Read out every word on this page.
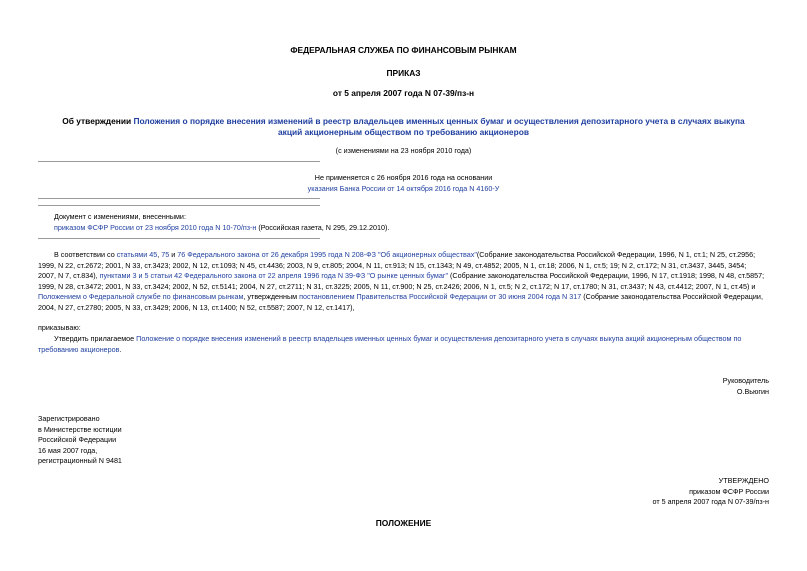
ФЕДЕРАЛЬНАЯ СЛУЖБА ПО ФИНАНСОВЫМ РЫНКАМ
ПРИКАЗ
от 5 апреля 2007 года N 07-39/пз-н
Об утверждении Положения о порядке внесения изменений в реестр владельцев именных ценных бумаг и осуществления депозитарного учета в случаях выкупа
акций акционерным обществом по требованию акционеров
(с изменениями на 23 ноября 2010 года)
Не применяется с 26 ноября 2016 года на основании
указания Банка России от 14 октября 2016 года N 4160-У
Документ с изменениями, внесенными:
приказом ФСФР России от 23 ноября 2010 года N 10-70/пз-н (Российская газета, N 295, 29.12.2010).
В соответствии со статьями 45, 75 и 76 Федерального закона от 26 декабря 1995 года N 208-ФЗ "Об акционерных обществах"(Собрание законодательства Российской Федерации, 1996, N 1, ст.1; N 25, ст.2956;
1999, N 22, ст.2672; 2001, N 33, ст.3423; 2002, N 12, ст.1093; N 45, ст.4436; 2003, N 9, ст.805; 2004, N 11, ст.913; N 15, ст.1343; N 49, ст.4852; 2005, N 1, ст.18; 2006, N 1, ст.5; 19; N 2, ст.172; N 31, ст.3437, 3445, 3454;
2007, N 7, ст.834), пунктами 3 и 5 статьи 42 Федерального закона от 22 апреля 1996 года N 39-ФЗ "О рынке ценных бумаг" (Собрание законодательства Российской Федерации, 1996, N 17, ст.1918; 1998, N 48, ст.5857;
1999, N 28, ст.3472; 2001, N 33, ст.3424; 2002, N 52, ст.5141; 2004, N 27, ст.2711; N 31, ст.3225; 2005, N 11, ст.900; N 25, ст.2426; 2006, N 1, ст.5; N 2, ст.172; N 17, ст.1780; N 31, ст.3437; N 43, ст.4412; 2007, N 1, ст.45) и
Положением о Федеральной службе по финансовым рынкам, утвержденным постановлением Правительства Российской Федерации от 30 июня 2004 года N 317 (Собрание законодательства Российской Федерации,
2004, N 27, ст.2780; 2005, N 33, ст.3429; 2006, N 13, ст.1400; N 52, ст.5587; 2007, N 12, ст.1417),
приказываю:
Утвердить прилагаемое Положение о порядке внесения изменений в реестр владельцев именных ценных бумаг и осуществления депозитарного учета в случаях выкупа акций акционерным обществом по
требованию акционеров.
Руководитель
О.Вьюгин
Зарегистрировано
в Министерстве юстиции
Российской Федерации
16 мая 2007 года,
регистрационный N 9481
УТВЕРЖДЕНО
приказом ФСФР России
от 5 апреля 2007 года N 07-39/пз-н
ПОЛОЖЕНИЕ
